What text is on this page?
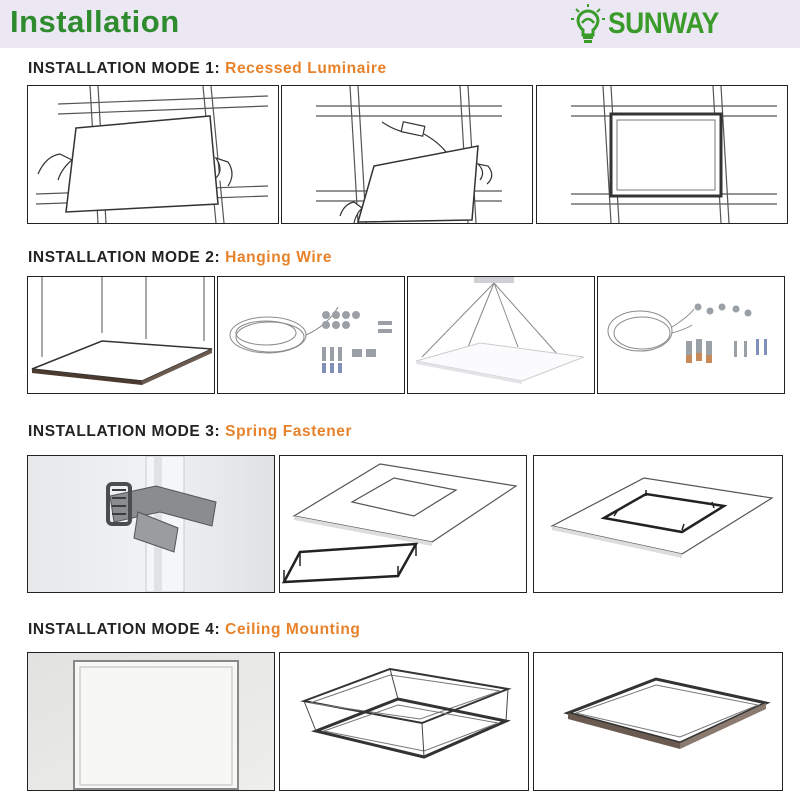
Installation	SUNWAY
INSTALLATION MODE 1: Recessed Luminaire
INSTALLATION MODE 2: Hanging Wire
INSTALLATION MODE 3: Spring Fastener
INSTALLATION MODE 4: Ceiling Mounting
